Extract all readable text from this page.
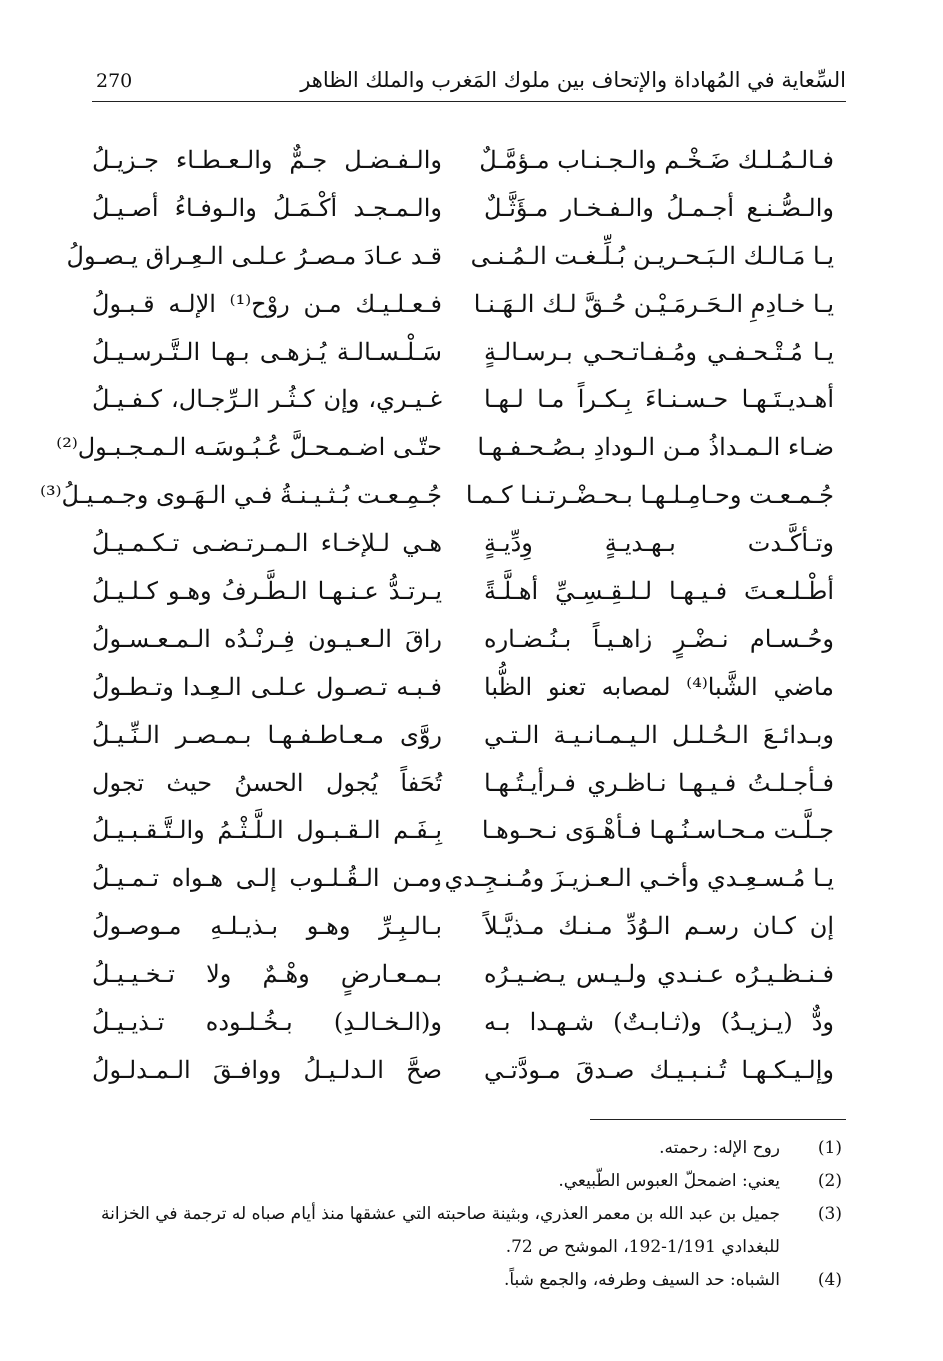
السِّعاية في المُهاداة والإتحاف بين ملوك المَغرب والملك الظاهر
270
فـالـمُـلـك ضَـخْـم والـجـنـاب مـؤمَّـلٌ
والـفـضـل جـمٌّ والـعـطـاء جـزيـلُ
والـصُّـنـع أجـمـلُ والـفـخـار مـؤَثَّـلٌ
والـمـجـد أكْـمَـلُ والـوفـاءُ أصـيـلُ
يـا مَـالـك الـبَـحـريـن بُـلِّـغـت الـمُـنـى
قـد عـادَ مـصـرُ عـلـى الـعِـراق يـصـولُ
يـا خـادِمِ الـحَـرمَـيْـن حُـقَّ لـك الـهَـنـا
فـعـلـيـك مـن روْح⁽¹⁾ الإلـه قـبـولُ
يـا مُـتْـحـفـي ومُـفـاتـحـي بـرسـالـةٍ
سَـلْـسـالـة يُـزهـى بـهـا الـتَّـرسـيـلُ
أهـديـتَـهـا حـسـنـاءَ بِـكـراً مـا لـهـا
غـيـري، وإن كـثُـر الـرِّجـال، كـفـيـلُ
ضـاء الـمـداذُ مـن الـودادِ بـصُـحـفـهـا
حتّـى اضـمـحـلَّ عُـبُـوسَـه الـمـجـبـول⁽²⁾
جُـمـعـت وحـامِـلـهـا بـحـضْـرتـنـا كـمـا
جُـمِـعـت بُـثـيـنـةُ فـي الـهَـوى وجـمـيـلُ⁽³⁾
وتـأكَّـدت بـهـديـةٍ وِدِّيـةٍ
هـي لـلإخـاء الـمـرتـضـى تـكـمـيـلُ
أطْـلـعـتَ فـيـهـا لـلـقِـسِـيِّ أهـلَّـةً
يـرتـدُّ عـنـهـا الـطَّـرفُ وهـو كـلـيـلُ
وحُـسـام نـضْـرٍ زاهـيـاً بـنُـضـاره
راقَ الـعـيـون فِـرنْـدُه الـمـعـسـولُ
ماضي الشَّبا⁽⁴⁾ لمصابه تعنو الظُّبا
فـبـه تـصـول عـلـى الـعِـدا وتـطـولُ
وبـدائـعَ الـحُـلـل الـيـمـانـيـة الـتـي
روَّى مـعـاطـفـهـا بـمـصـر الـنِّـيـلُ
فـأجـلـتُ فـيـهـا نـاظـري فـرأيـتُـهـا
تُحَفاً يُجول الحسنُ حيث تجول
جـلَّـت مـحـاسـنُـهـا فـأهْـوَى نـحـوهـا
بِـفَـم الـقـبـول الـلَّـثْـمُ والـتَّـقـبـيـلُ
يـا مُـسـعِـدي وأخـي الـعـزيـزَ ومُـنـجِـدي
ومـن الـقُـلـوب إلـى هـواه تـمـيـلُ
إن كـان رسـم الـوُدِّ مـنـك مـذيَّـلاً
بـالـبِـرِّ وهـو بـذيـلـهِ مـوصـولُ
فـنـظـيـرُه عـنـدي ولـيـس يـضـيـرُه
بـمـعـارضٍ وهْـمٌ ولا تـخـيـيـلُ
ودٌّ (يـزيـدُ) و(ثـابـتٌ) شـهـدا بـه
و(الـخـالـدِ) بـخُـلـوده تـذيـيـلُ
وإلـيـكـهـا تُـنـبـيـك صـدقَ مـودَّتـي
صحَّ الـدلـيـلُ ووافـقَ الـمـدلـولُ
(1)
روح الإله: رحمته.
(2)
يعني: اضمحلّ العبوس الطّبيعي.
(3)
جميل بن عبد الله بن معمر العذري، وبثينة صاحبته التي عشقها منذ أيام صباه له ترجمة في الخزانة للبغدادي 1/191-192، الموشح ص 72.
(4)
الشباه: حد السيف وطرفه، والجمع شباً.
